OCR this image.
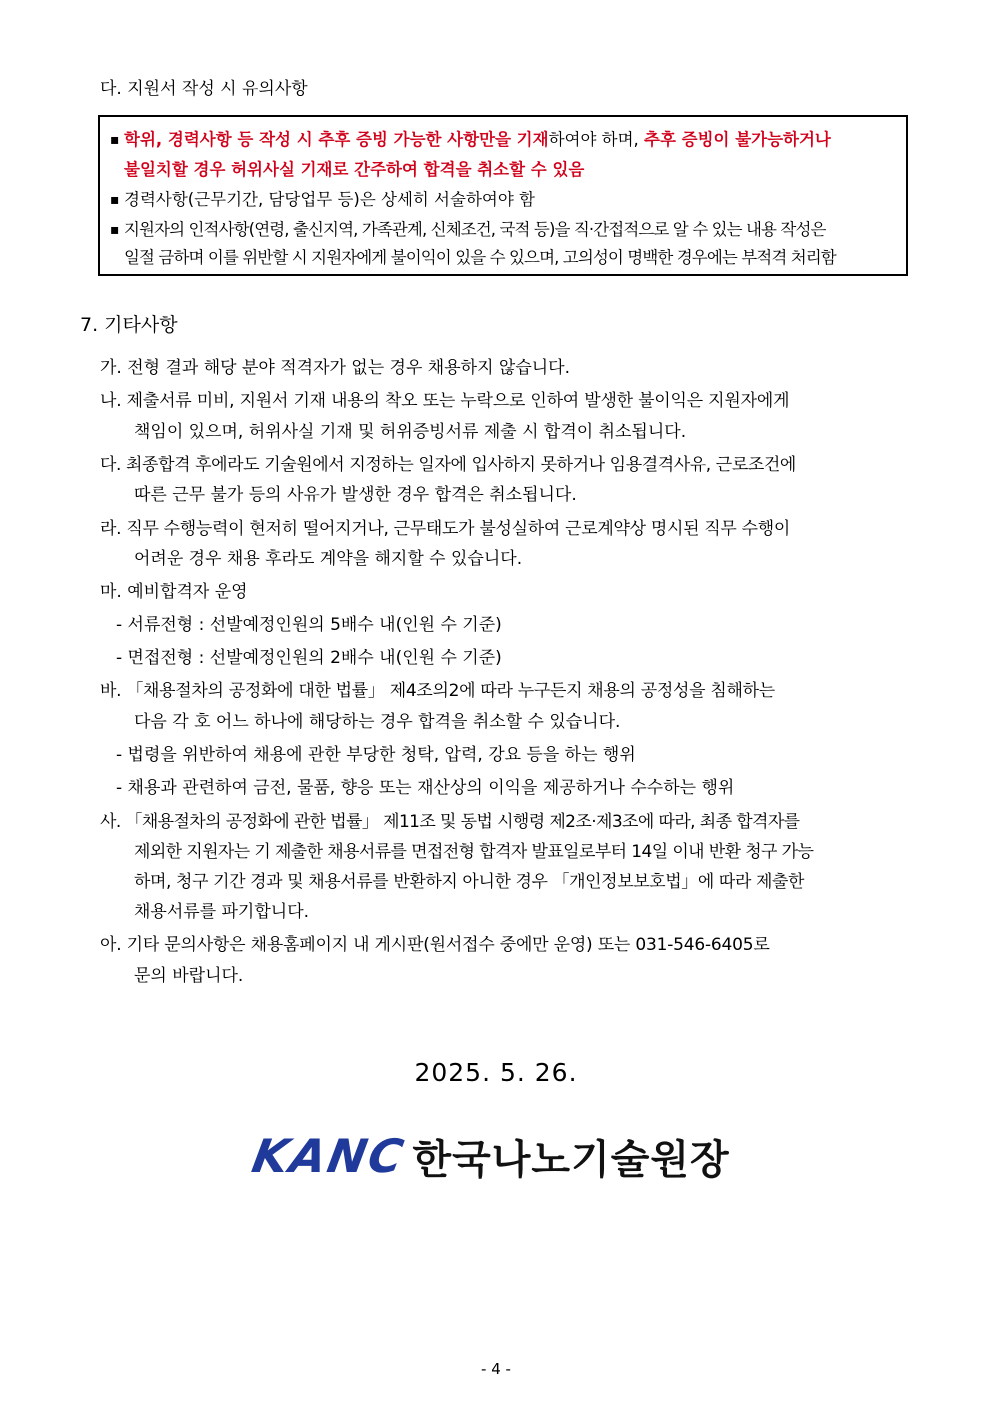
다. 지원서 작성 시 유의사항
▪ 학위, 경력사항 등 작성 시 추후 증빙 가능한 사항만을 기재하여야 하며, 추후 증빙이 불가능하거나
불일치할 경우 허위사실 기재로 간주하여 합격을 취소할 수 있음
▪ 경력사항(근무기간, 담당업무 등)은 상세히 서술하여야 함
▪ 지원자의 인적사항(연령, 출신지역, 가족관계, 신체조건, 국적 등)을 직·간접적으로 알 수 있는 내용 작성은
일절 금하며 이를 위반할 시 지원자에게 불이익이 있을 수 있으며, 고의성이 명백한 경우에는 부적격 처리함
7. 기타사항
가. 전형 결과 해당 분야 적격자가 없는 경우 채용하지 않습니다.
나. 제출서류 미비, 지원서 기재 내용의 착오 또는 누락으로 인하여 발생한 불이익은 지원자에게
책임이 있으며, 허위사실 기재 및 허위증빙서류 제출 시 합격이 취소됩니다.
다. 최종합격 후에라도 기술원에서 지정하는 일자에 입사하지 못하거나 임용결격사유, 근로조건에
따른 근무 불가 등의 사유가 발생한 경우 합격은 취소됩니다.
라. 직무 수행능력이 현저히 떨어지거나, 근무태도가 불성실하여 근로계약상 명시된 직무 수행이
어려운 경우 채용 후라도 계약을 해지할 수 있습니다.
마. 예비합격자 운영
- 서류전형 : 선발예정인원의 5배수 내(인원 수 기준)
- 면접전형 : 선발예정인원의 2배수 내(인원 수 기준)
바. 「채용절차의 공정화에 대한 법률」 제4조의2에 따라 누구든지 채용의 공정성을 침해하는
다음 각 호 어느 하나에 해당하는 경우 합격을 취소할 수 있습니다.
- 법령을 위반하여 채용에 관한 부당한 청탁, 압력, 강요 등을 하는 행위
- 채용과 관련하여 금전, 물품, 향응 또는 재산상의 이익을 제공하거나 수수하는 행위
사. 「채용절차의 공정화에 관한 법률」 제11조 및 동법 시행령 제2조·제3조에 따라, 최종 합격자를
제외한 지원자는 기 제출한 채용서류를 면접전형 합격자 발표일로부터 14일 이내 반환 청구 가능
하며, 청구 기간 경과 및 채용서류를 반환하지 아니한 경우 「개인정보보호법」에 따라 제출한
채용서류를 파기합니다.
아. 기타 문의사항은 채용홈페이지 내 게시판(원서접수 중에만 운영) 또는 031-546-6405로
문의 바랍니다.
2025. 5. 26.
KANC 한국나노기술원장
- 4 -
